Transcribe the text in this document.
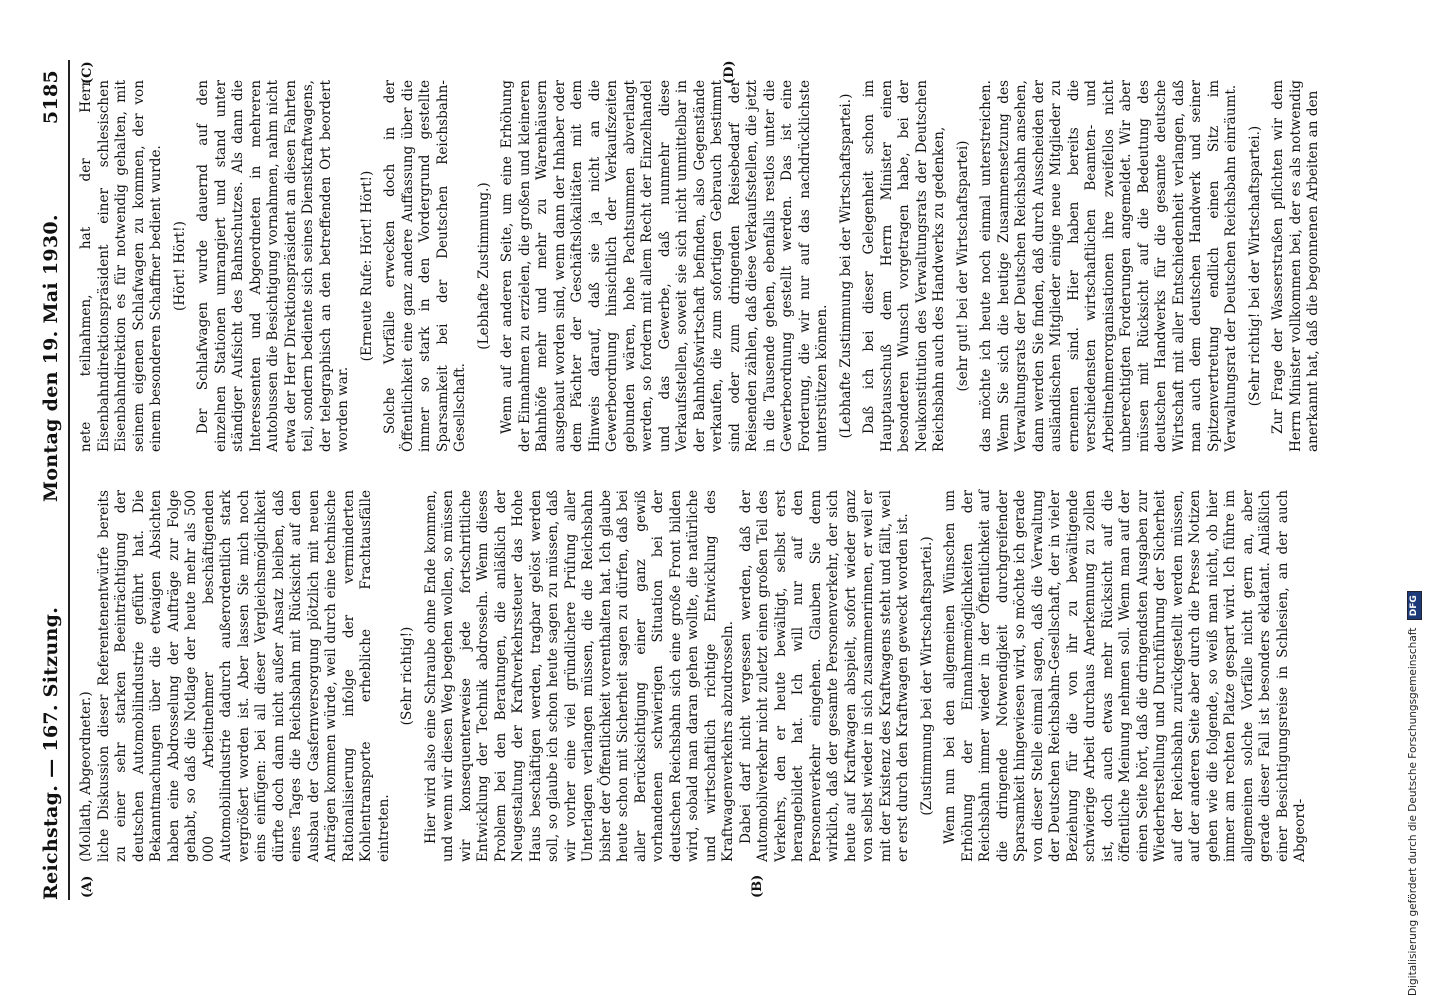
Reichstag. — 167. Sitzung.
Montag den 19. Mai 1930.
5185
(A)	(B)
(C)	(D)

(Mollath, Abgeordneter.) liche Diskussion dieser Referentenentwürfe bereits zu einer sehr starken Beeinträchtigung der deutschen Automobilindustrie geführt hat. Die Bekanntmachungen über die etwaigen Absichten haben eine Abdrosselung der Aufträge zur Folge gehabt, so daß die Notlage der heute mehr als 500 000 Arbeitnehmer beschäftigenden Automobilindustrie dadurch außerordentlich stark vergrößert worden ist. Aber lassen Sie mich noch eins einfügen: bei all dieser Vergleichsmöglichkeit dürfte doch dann nicht außer Ansatz bleiben, daß eines Tages die Reichsbahn mit Rücksicht auf den Ausbau der Gasfernversorgung plötzlich mit neuen Anträgen kommen würde, weil durch eine technische Rationalisierung infolge der verminderten Kohlentransporte erhebliche Frachtausfälle eintreten.

(Sehr richtig!) Hier wird also eine Schraube ohne Ende kommen, und wenn wir diesen Weg begehen wollen, so müssen wir konsequenterweise jede fortschrittliche Entwicklung der Technik abdrosseln. Wenn dieses Problem bei den Beratungen, die anläßlich der Neugestaltung der Kraftverkehrssteuer das Hohe Haus beschäftigen werden, tragbar gelöst werden soll, so glaube ich schon heute sagen zu müssen, daß wir vorher eine viel gründlichere Prüfung aller Unterlagen verlangen müssen, die die Reichsbahn bisher der Öffentlichkeit vorenthalten hat. Ich glaube heute schon mit Sicherheit sagen zu dürfen, daß bei aller Berücksichtigung einer ganz gewiß vorhandenen schwierigen Situation bei der deutschen Reichsbahn sich eine große Front bilden wird, sobald man daran gehen wollte, die natürliche und wirtschaftlich richtige Entwicklung des Kraftwagenverkehrs abzudrosseln. Dabei darf nicht vergessen werden, daß der Automobilverkehr nicht zuletzt einen großen Teil des Verkehrs, den er heute bewältigt, selbst erst herangebildet hat. Ich will nur auf den Personenverkehr eingehen. Glauben Sie denn wirklich, daß der gesamte Personenverkehr, der sich heute auf Kraftwagen abspielt, sofort wieder ganz von selbst wieder in sich zusammenrinnen, er weil er mit der Existenz des Kraftwagens steht und fällt, weil er erst durch den Kraftwagen geweckt worden ist. (Zustimmung bei der Wirtschaftspartei.) Wenn nun bei den allgemeinen Wünschen um Erhöhung der Einnahmemöglichkeiten der Reichsbahn immer wieder in der Öffentlichkeit auf die dringende Notwendigkeit durchgreifender Sparsamkeit hingewiesen wird, so möchte ich gerade von dieser Stelle einmal sagen, daß die Verwaltung der Deutschen Reichsbahn-Gesellschaft, der in vieler Beziehung für die von ihr zu bewältigende schwierige Arbeit durchaus Anerkennung zu zollen ist, doch auch etwas mehr Rücksicht auf die öffentliche Meinung nehmen soll. Wenn man auf der einen Seite hört, daß die dringendsten Ausgaben zur Wiederherstellung und Durchführung der Sicherheit auf der Reichsbahn zurückgestellt werden müssen, auf der anderen Seite aber durch die Presse Notizen gehen wie die folgende, so weiß man nicht, ob hier immer am rechten Platze gespart wird. Ich führe im allgemeinen solche Vorfälle nicht gern an, aber gerade dieser Fall ist besonders eklatant. Anläßlich einer Besichtigungsreise in Schlesien, an der auch Abgeord-

nete teilnahmen, hat der Herr Eisenbahndirektionspräsident einer schlesischen Eisenbahndirektion es für notwendig gehalten, mit seinem eigenen Schlafwagen zu kommen, der von einem besonderen Schaffner bedient wurde. (Hört! Hört!) Der Schlafwagen wurde dauernd auf den einzelnen Stationen umrangiert und stand unter ständiger Aufsicht des Bahnschutzes. Als dann die Interessenten und Abgeordneten in mehreren Autobussen die Besichtigung vornahmen, nahm nicht etwa der Herr Direktionspräsident an diesen Fahrten teil, sondern bediente sich seines Dienstkraftwagens, der telegraphisch an den betreffenden Ort beordert worden war.

(Erneute Rufe: Hört! Hört!) Solche Vorfälle erwecken doch in der Öffentlichkeit eine ganz andere Auffassung über die immer so stark in den Vordergrund gestellte Sparsamkeit bei der Deutschen Reichsbahn-Gesellschaft.

(Lebhafte Zustimmung.) Wenn auf der anderen Seite, um eine Erhöhung der Einnahmen zu erzielen, die großen und kleineren Bahnhöfe mehr und mehr zu Warenhäusern ausgebaut worden sind, wenn dann der Inhaber oder dem Pächter der Geschäftslokalitäten mit dem Hinweis darauf, daß sie ja nicht an die Gewerbeordnung hinsichtlich der Verkaufszeiten gebunden wären, hohe Pachtsummen abverlangt werden, so fordern mit allem Recht der Einzelhandel und das Gewerbe, daß nunmehr diese Verkaufsstellen, soweit sie sich nicht unmittelbar in der Bahnhofswirtschaft befinden, also Gegenstände verkaufen, die zum sofortigen Gebrauch bestimmt sind oder zum dringenden Reisebedarf der Reisenden zählen, daß diese Verkaufsstellen, die jetzt in die Tausende gehen, ebenfalls restlos unter die Gewerbeordnung gestellt werden. Das ist eine Forderung, die wir nur auf das nachdrücklichste unterstützen können. (Lebhafte Zustimmung bei der Wirtschaftspartei.) Daß ich bei dieser Gelegenheit schon im Hauptausschuß dem Herrn Minister einen besonderen Wunsch vorgetragen habe, bei der Neukonstitution des Verwaltungsrats der Deutschen Reichsbahn auch des Handwerks zu gedenken, (sehr gut! bei der Wirtschaftspartei) das möchte ich heute noch einmal unterstreichen. Wenn Sie sich die heutige Zusammensetzung des Verwaltungsrats der Deutschen Reichsbahn ansehen, dann werden Sie finden, daß durch Ausscheiden der ausländischen Mitglieder einige neue Mitglieder zu ernennen sind. Hier haben bereits die verschiedensten wirtschaftlichen Beamten- und Arbeitnehmerorganisationen ihre zweifellos nicht unberechtigten Forderungen angemeldet. Wir aber müssen mit Rücksicht auf die Bedeutung des deutschen Handwerks für die gesamte deutsche Wirtschaft mit aller Entschiedenheit verlangen, daß man auch dem deutschen Handwerk und seiner Spitzenvertretung endlich einen Sitz im Verwaltungsrat der Deutschen Reichsbahn einräumt. (Sehr richtig! bei der Wirtschaftspartei.) Zur Frage der Wasserstraßen pflichten wir dem Herrn Minister vollkommen bei, der es als notwendig anerkannt hat, daß die begonnenen Arbeiten an den

Digitalisierung gefördert durch die Deutsche Forschungsgemeinschaft DFG
